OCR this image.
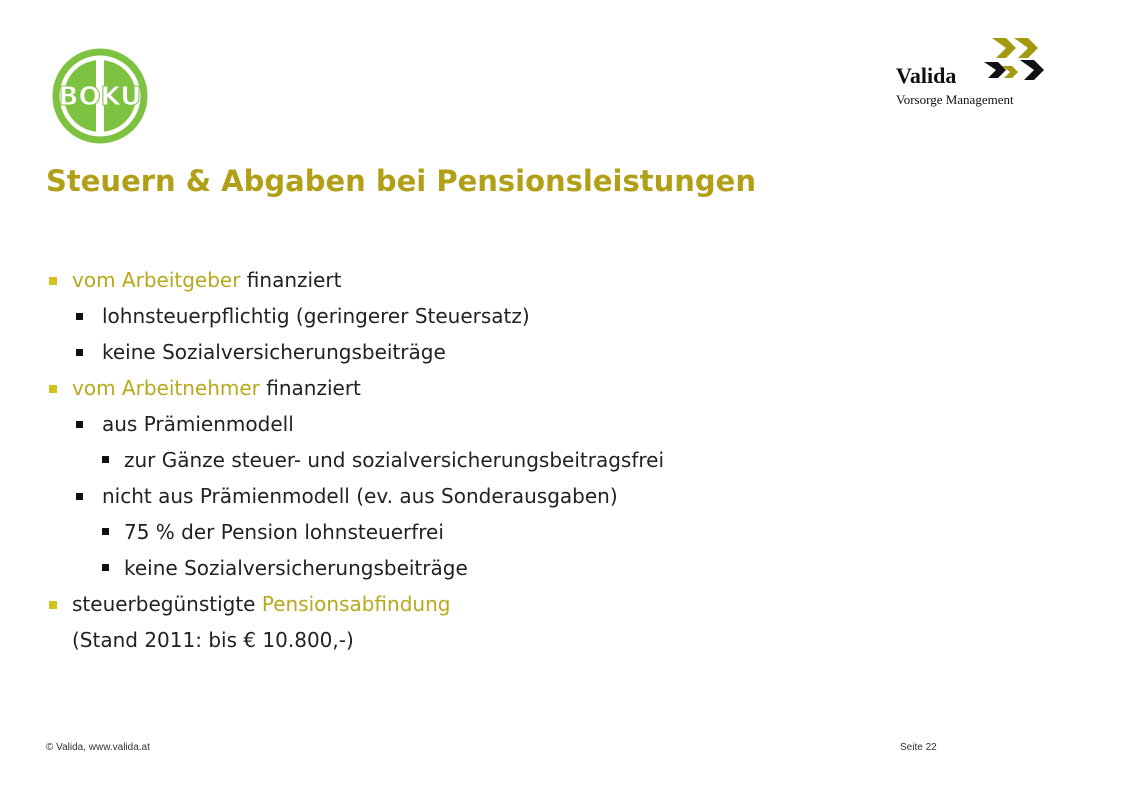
BOKU
Valida
Vorsorge Management
Steuern & Abgaben bei Pensionsleistungen
vom Arbeitgeber finanziert
lohnsteuerpflichtig (geringerer Steuersatz)
keine Sozialversicherungsbeiträge
vom Arbeitnehmer finanziert
aus Prämienmodell
zur Gänze steuer- und sozialversicherungsbeitragsfrei
nicht aus Prämienmodell (ev. aus Sonderausgaben)
75 % der Pension lohnsteuerfrei
keine Sozialversicherungsbeiträge
steuerbegünstigte Pensionsabfindung
(Stand 2011: bis € 10.800,-)
© Valida, www.valida.at	Seite 22
